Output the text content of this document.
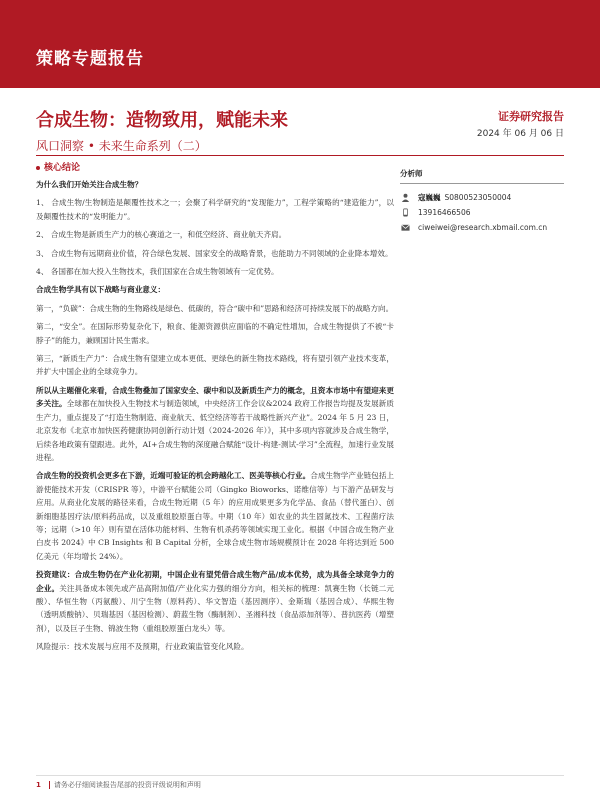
策略专题报告
合成生物：造物致用，赋能未来	证券研究报告
2024 年 06 月 06 日
风口洞察 • 未来生命系列（二）
核心结论

为什么我们开始关注合成生物？

1、 合成生物/生物制造是颠覆性技术之一；会聚了科学研究的“发现能力”，工程学策略的“建造能力”，以及颠覆性技术的“发明能力”。

2、 合成生物是新质生产力的核心赛道之一，和低空经济、商业航天齐肩。

3、 合成生物有远期商业价值，符合绿色发展、国家安全的战略背景，也能助力不同领域的企业降本增效。

4、 各国都在加大投入生物技术，我们国家在合成生物领域有一定优势。

合成生物学具有以下战略与商业意义：

第一，“负碳”：合成生物的生物路线是绿色、低碳的，符合“碳中和”思路和经济可持续发展下的战略方向。

第二，“安全”。在国际形势复杂化下，粮食、能源资源供应面临的不确定性增加，合成生物提供了不被“卡脖子”的能力，兼顾国计民生需求。

第三，“新质生产力”：合成生物有望建立成本更低、更绿色的新生物技术路线，将有望引领产业技术变革，并扩大中国企业的全球竞争力。

所以从主题催化来看，合成生物叠加了国家安全、碳中和以及新质生产力的概念，且资本市场中有望迎来更多关注。全球都在加快投入生物技术与制造领域，中央经济工作会议&2024 政府工作报告均提及发展新质生产力，重点提及了“打造生物制造、商业航天、低空经济等若干战略性新兴产业”。2024 年 5 月 23 日，北京发布《北京市加快医药健康协同创新行动计划（2024-2026 年）》，其中多项内容就涉及合成生物学，后续各地政策有望跟进。此外，AI+合成生物的深度融合赋能“设计-构建-测试-学习”全流程，加速行业发展进程。

合成生物的投资机会更多在下游，近端可验证的机会跨越化工、医美等核心行业。合成生物学产业链包括上游使能技术开发（CRISPR 等），中游平台赋能公司（Gingko Bioworks、诺维信等）与下游产品研发与应用。从商业化发展的路径来看，合成生物近期（5 年）的应用成果更多为化学品、食品（替代蛋白）、创新细胞基因疗法/原料药品成，以及重组胶原蛋白等。中期（10 年）如农业的共生固氮技术、工程菌疗法等；远期（>10 年）则有望在活体功能材料、生物有机杀药等领域实现工业化。根据《中国合成生物产业白皮书 2024》中 CB Insights 和 B Capital 分析，全球合成生物市场规模预计在 2028 年将达到近 500 亿美元（年均增长 24%）。

投资建议：合成生物仍在产业化初期，中国企业有望凭借合成生物产品/成本优势，成为具备全球竞争力的企业。关注具备成本领先或产品高附加值/产业化实力强的细分方向，相关标的梳理：凯赛生物（长链二元酸）、华恒生物（丙氨酸）、川宁生物（原料药）、华文智造（基因测序）、金斯瑞（基因合成）、华熙生物（透明质酸钠）、贝瑞基因（基因检测）、蔚蓝生物（酶制剂）、圣湘科技（食品添加剂等）、普抗医药（增塑剂），以及巨子生物、锦波生物（重组胶原蛋白龙头）等。

风险提示：技术发展与应用不及预期，行业政策监管变化风险。

分析师
寇巍巍 S0800523050004
13916466506
ciweiwei@research.xbmail.com.cn
1 请务必仔细阅读报告尾部的投资评级说明和声明
